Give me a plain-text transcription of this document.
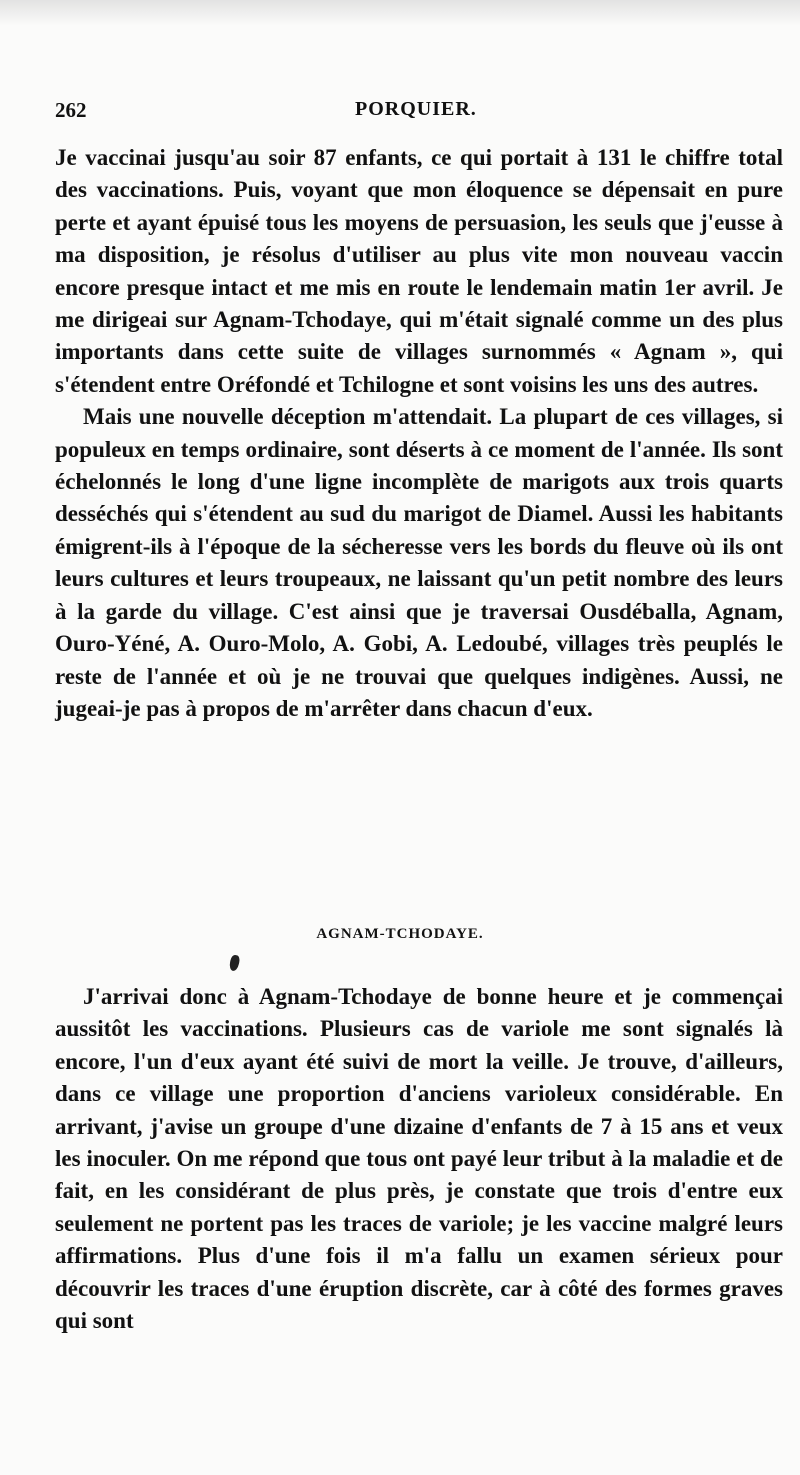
262	PORQUIER.

Je vaccinai jusqu'au soir 87 enfants, ce qui portait à 131 le chiffre total des vaccinations. Puis, voyant que mon éloquence se dépensait en pure perte et ayant épuisé tous les moyens de persuasion, les seuls que j'eusse à ma disposition, je résolus d'utiliser au plus vite mon nouveau vaccin encore presque intact et me mis en route le lendemain matin 1er avril. Je me dirigeai sur Agnam-Tchodaye, qui m'était signalé comme un des plus importants dans cette suite de villages surnommés « Agnam », qui s'étendent entre Oréfondé et Tchilogne et sont voisins les uns des autres.

Mais une nouvelle déception m'attendait. La plupart de ces villages, si populeux en temps ordinaire, sont déserts à ce moment de l'année. Ils sont échelonnés le long d'une ligne incomplète de marigots aux trois quarts desséchés qui s'étendent au sud du marigot de Diamel. Aussi les habitants émigrent-ils à l'époque de la sécheresse vers les bords du fleuve où ils ont leurs cultures et leurs troupeaux, ne laissant qu'un petit nombre des leurs à la garde du village. C'est ainsi que je traversai Ousdéballa, Agnam, Ouro-Yéné, A. Ouro-Molo, A. Gobi, A. Ledoubé, villages très peuplés le reste de l'année et où je ne trouvai que quelques indigènes. Aussi, ne jugeai-je pas à propos de m'arrêter dans chacun d'eux.

AGNAM-TCHODAYE.

J'arrivai donc à Agnam-Tchodaye de bonne heure et je commençai aussitôt les vaccinations. Plusieurs cas de variole me sont signalés là encore, l'un d'eux ayant été suivi de mort la veille. Je trouve, d'ailleurs, dans ce village une proportion d'anciens varioleux considérable. En arrivant, j'avise un groupe d'une dizaine d'enfants de 7 à 15 ans et veux les inoculer. On me répond que tous ont payé leur tribut à la maladie et de fait, en les considérant de plus près, je constate que trois d'entre eux seulement ne portent pas les traces de variole; je les vaccine malgré leurs affirmations. Plus d'une fois il m'a fallu un examen sérieux pour découvrir les traces d'une éruption discrète, car à côté des formes graves qui sont
